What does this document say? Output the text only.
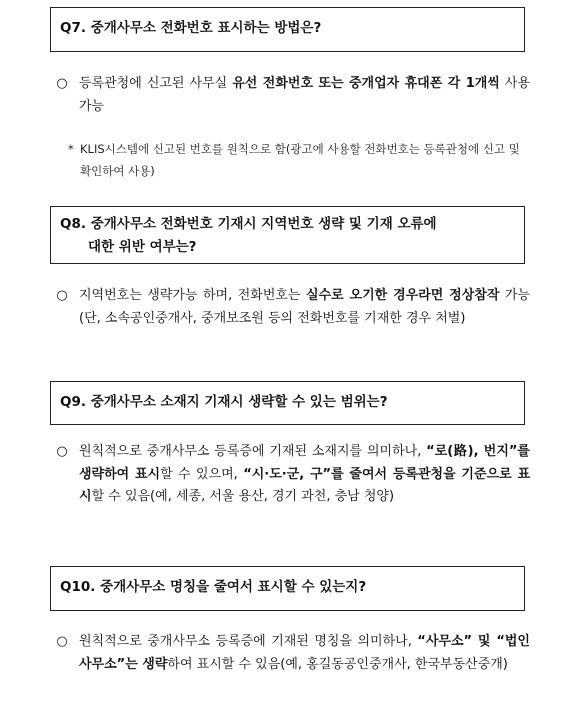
Q7. 중개사무소 전화번호 표시하는 방법은?
○ 등록관청에 신고된 사무실 유선 전화번호 또는 중개업자 휴대폰 각 1개씩 사용 가능
* KLIS시스템에 신고된 번호를 원칙으로 함(광고에 사용할 전화번호는 등록관청에 신고 및 확인하여 사용)
Q8. 중개사무소 전화번호 기재시 지역번호 생략 및 기재 오류에
대한 위반 여부는?
○ 지역번호는 생략가능 하며, 전화번호는 실수로 오기한 경우라면 정상참작 가능(단, 소속공인중개사, 중개보조원 등의 전화번호를 기재한 경우 처벌)
Q9. 중개사무소 소재지 기재시 생략할 수 있는 범위는?
○ 원칙적으로 중개사무소 등록증에 기재된 소재지를 의미하나, “로(路), 번지”를 생략하여 표시할 수 있으며, “시·도·군, 구”를 줄여서 등록관청을 기준으로 표시할 수 있음(예, 세종, 서울 용산, 경기 과천, 충남 청양)
Q10. 중개사무소 명칭을 줄여서 표시할 수 있는지?
○ 원칙적으로 중개사무소 등록증에 기재된 명칭을 의미하나, “사무소” 및 “법인사무소”는 생략하여 표시할 수 있음(예, 홍길동공인중개사, 한국부동산중개)
